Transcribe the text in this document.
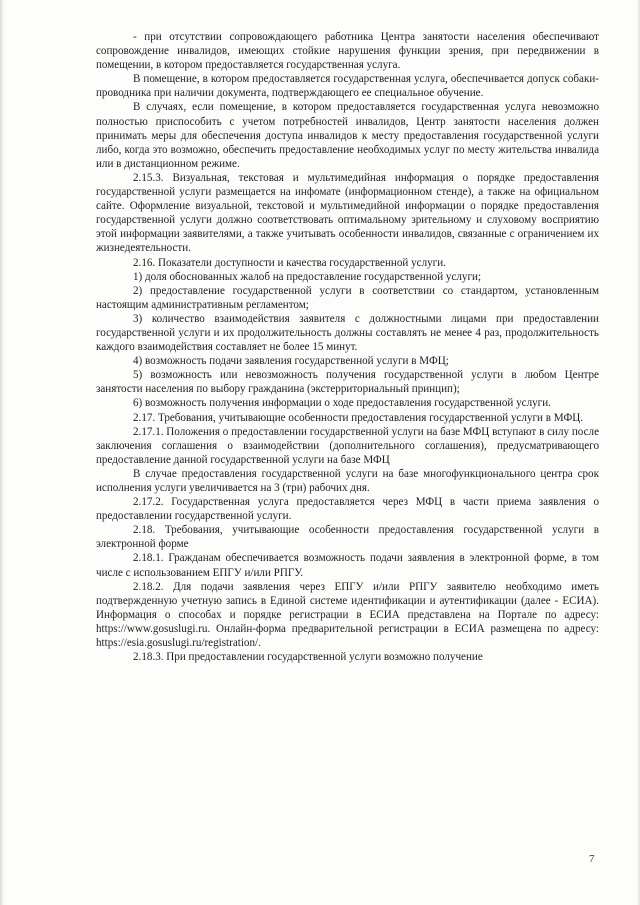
- при отсутствии сопровождающего работника Центра занятости населения обеспечивают сопровождение инвалидов, имеющих стойкие нарушения функции зрения, при передвижении в помещении, в котором предоставляется государственная услуга.

В помещение, в котором предоставляется государственная услуга, обеспечивается допуск собаки-проводника при наличии документа, подтверждающего ее специальное обучение.

В случаях, если помещение, в котором предоставляется государственная услуга невозможно полностью приспособить с учетом потребностей инвалидов, Центр занятости населения должен принимать меры для обеспечения доступа инвалидов к месту предоставления государственной услуги либо, когда это возможно, обеспечить предоставление необходимых услуг по месту жительства инвалида или в дистанционном режиме.

2.15.3. Визуальная, текстовая и мультимедийная информация о порядке предоставления государственной услуги размещается на инфомате (информационном стенде), а также на официальном сайте. Оформление визуальной, текстовой и мультимедийной информации о порядке предоставления государственной услуги должно соответствовать оптимальному зрительному и слуховому восприятию этой информации заявителями, а также учитывать особенности инвалидов, связанные с ограничением их жизнедеятельности.

2.16. Показатели доступности и качества государственной услуги.

1) доля обоснованных жалоб на предоставление государственной услуги;

2) предоставление государственной услуги в соответствии со стандартом, установленным настоящим административным регламентом;

3) количество взаимодействия заявителя с должностными лицами при предоставлении государственной услуги и их продолжительность должны составлять не менее 4 раз, продолжительность каждого взаимодействия составляет не более 15 минут.

4) возможность подачи заявления государственной услуги в МФЦ;

5) возможность или невозможность получения государственной услуги в любом Центре занятости населения по выбору гражданина (экстерриториальный принцип);

6) возможность получения информации о ходе предоставления государственной услуги.

2.17. Требования, учитывающие особенности предоставления государственной услуги в МФЦ.

2.17.1. Положения о предоставлении государственной услуги на базе МФЦ вступают в силу после заключения соглашения о взаимодействии (дополнительного соглашения), предусматривающего предоставление данной государственной услуги на базе МФЦ

В случае предоставления государственной услуги на базе многофункционального центра срок исполнения услуги увеличивается на 3 (три) рабочих дня.

2.17.2. Государственная услуга предоставляется через МФЦ в части приема заявления о предоставлении государственной услуги.

2.18. Требования, учитывающие особенности предоставления государственной услуги в электронной форме

2.18.1. Гражданам обеспечивается возможность подачи заявления в электронной форме, в том числе с использованием ЕПГУ и/или РПГУ.

2.18.2. Для подачи заявления через ЕПГУ и/или РПГУ заявителю необходимо иметь подтвержденную учетную запись в Единой системе идентификации и аутентификации (далее - ЕСИА). Информация о способах и порядке регистрации в ЕСИА представлена на Портале по адресу: https://www.gosuslugi.ru. Онлайн-форма предварительной регистрации в ЕСИА размещена по адресу: https://esia.gosuslugi.ru/registration/.

2.18.3. При предоставлении государственной услуги возможно получение

7
